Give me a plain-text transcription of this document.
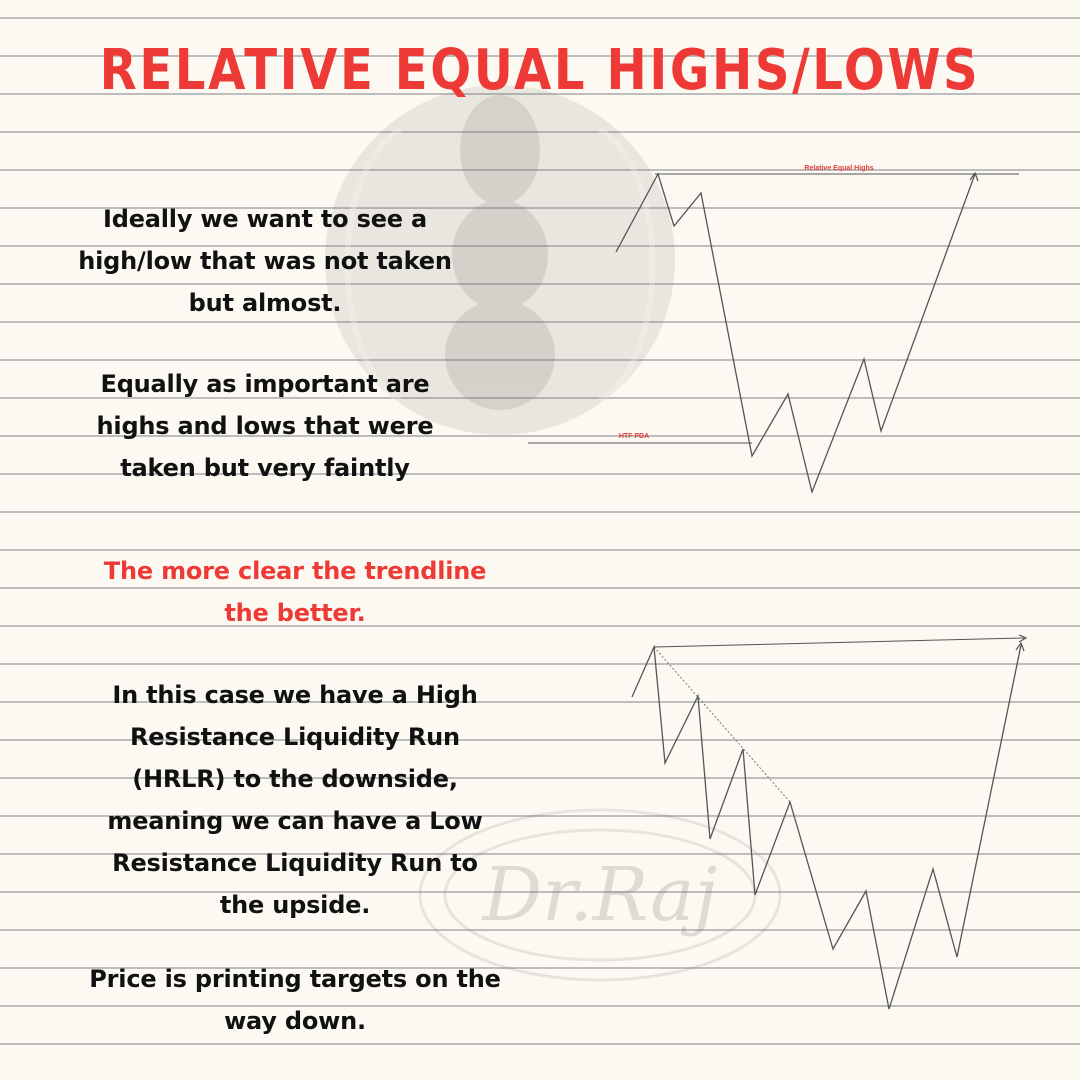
Dr.Raj
RELATIVE EQUAL HIGHS/LOWS
Ideally we want to see a
high/low that was not taken
but almost.
Equally as important are
highs and lows that were
taken but very faintly
The more clear the trendline
the better.
In this case we have a High
Resistance Liquidity Run
(HRLR) to the downside,
meaning we can have a Low
Resistance Liquidity Run to
the upside.
Price is printing targets on the
way down.
Relative Equal Highs
HTF PDA
